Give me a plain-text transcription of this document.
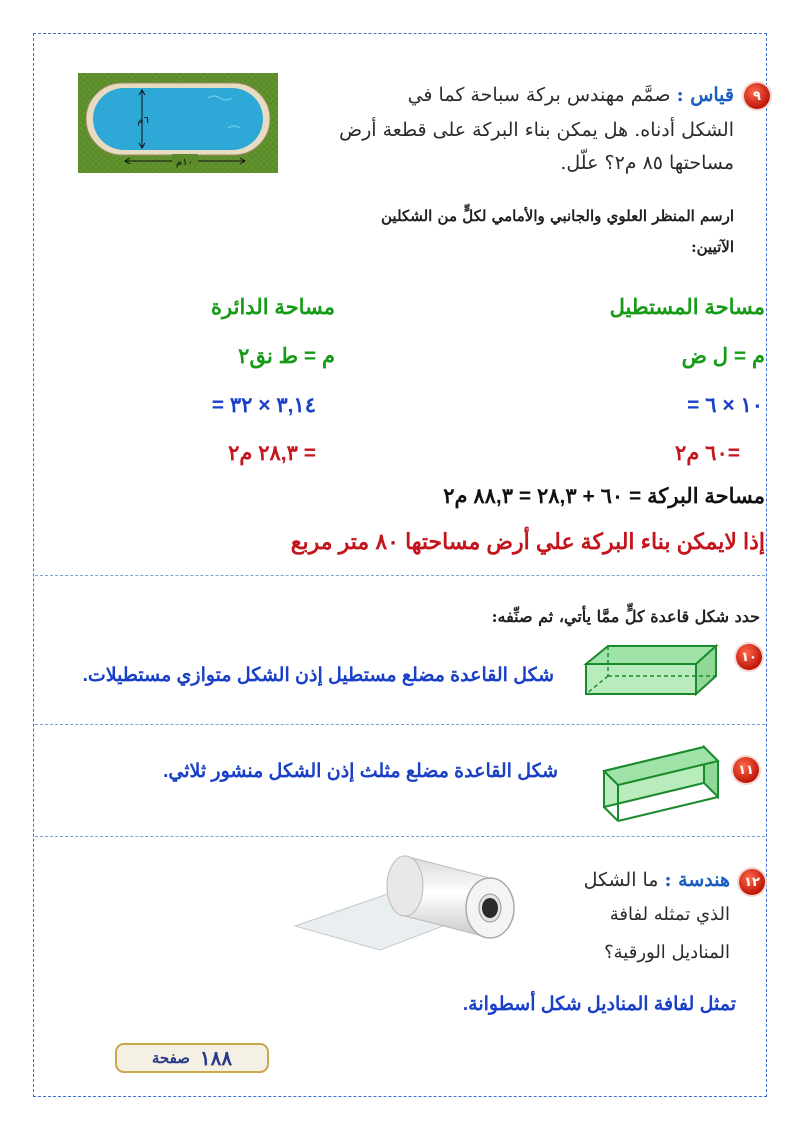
٩
قياس : صمَّم مهندس بركة سباحة كما في
الشكل أدناه. هل يمكن بناء البركة على قطعة أرض
مساحتها ٨٥ م٢؟ علّل.
٦م
١٠م
ارسم المنظر العلوي والجانبي والأمامي لكلٍّ من الشكلين
الآتيين:
مساحة المستطيل
مساحة الدائرة
م = ل ض
م = ط نق٢
= ١٠ × ٦
= ٣,١٤ × ٣٢
=٦٠ م٢
= ٢٨,٣ م٢
مساحة البركة = ٦٠ + ٢٨,٣ = ٨٨,٣ م٢
إذا لايمكن بناء البركة علي أرض مساحتها ٨٠ متر مربع
حدد شكل قاعدة كلٍّ ممَّا يأتي، ثم صنِّفه:
١٠
شكل القاعدة مضلع مستطيل إذن الشكل متوازي مستطيلات.
١١
شكل القاعدة مضلع مثلث إذن الشكل منشور ثلاثي.
١٢
هندسة : ما الشكل
الذي تمثله لفافة
المناديل الورقية؟
تمثل لفافة المناديل شكل أسطوانة.
صفحة ١٨٨
